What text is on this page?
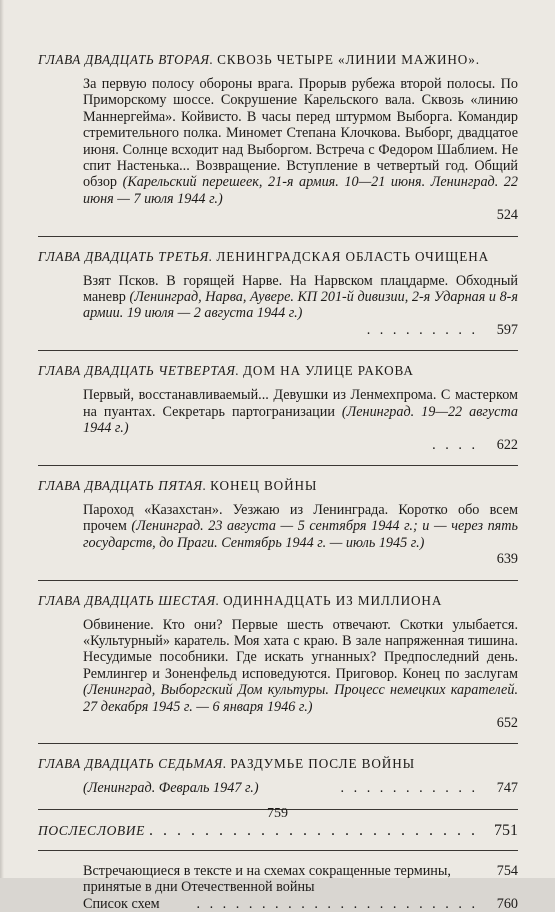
ГЛАВА ДВАДЦАТЬ ВТОРАЯ. СКВОЗЬ ЧЕТЫРЕ «ЛИНИИ МАЖИНО».
За первую полосу обороны врага. Прорыв рубежа второй полосы. По Приморскому шоссе. Сокрушение Карельского вала. Сквозь «линию Маннергейма». Койвисто. В часы перед штурмом Выборга. Командир стремительного полка. Миномет Степана Клочкова. Выборг, двадцатое июня. Солнце всходит над Выборгом. Встреча с Федором Шаблием. Не спит Настенька... Возвращение. Вступление в четвертый год. Общий обзор (Карельский перешеек, 21-я армия. 10—21 июня. Ленинград. 22 июня — 7 июля 1944 г.)
524
ГЛАВА ДВАДЦАТЬ ТРЕТЬЯ. ЛЕНИНГРАДСКАЯ ОБЛАСТЬ ОЧИЩЕНА
Взят Псков. В горящей Нарве. На Нарвском плацдарме. Обходный маневр (Ленинград, Нарва, Аувере. КП 201-й дивизии, 2-я Ударная и 8-я армии. 19 июля — 2 августа 1944 г.)
. . . . . . . . .	597
ГЛАВА ДВАДЦАТЬ ЧЕТВЕРТАЯ. ДОМ НА УЛИЦЕ РАКОВА
Первый, восстанавливаемый... Девушки из Ленмехпрома. С мастерком на пуантах. Секретарь партогранизации (Ленинград. 19—22 августа 1944 г.)
. . . .	622
ГЛАВА ДВАДЦАТЬ ПЯТАЯ. КОНЕЦ ВОЙНЫ
Пароход «Казахстан». Уезжаю из Ленинграда. Коротко обо всем прочем (Ленинград. 23 августа — 5 сентября 1944 г.; и — через пять государств, до Праги. Сентябрь 1944 г. — июль 1945 г.)
639
ГЛАВА ДВАДЦАТЬ ШЕСТАЯ. ОДИННАДЦАТЬ ИЗ МИЛЛИОНА
Обвинение. Кто они? Первые шесть отвечают. Скотки улыбается. «Культурный» каратель. Моя хата с краю. В зале напряженная тишина. Несудимые пособники. Где искать угнанных? Предпоследний день. Ремлингер и Зоненфельд исповедуются. Приговор. Конец по заслугам (Ленинград, Выборгский Дом культуры. Процесс немецких карателей. 27 декабря 1945 г. — 6 января 1946 г.)
652
ГЛАВА ДВАДЦАТЬ СЕДЬМАЯ. РАЗДУМЬЕ ПОСЛЕ ВОЙНЫ
(Ленинград. Февраль 1947 г.)	. . . . . . . . . . .	747
ПОСЛЕСЛОВИЕ . . . . . . . . . . . . . . . . . . . . . . . .	751
Встречающиеся в тексте и на схемах сокращенные термины, принятые в дни Отечественной войны
754
Список схем	. . . . . . . . . . . . . . . . . . . . . .	760
759
